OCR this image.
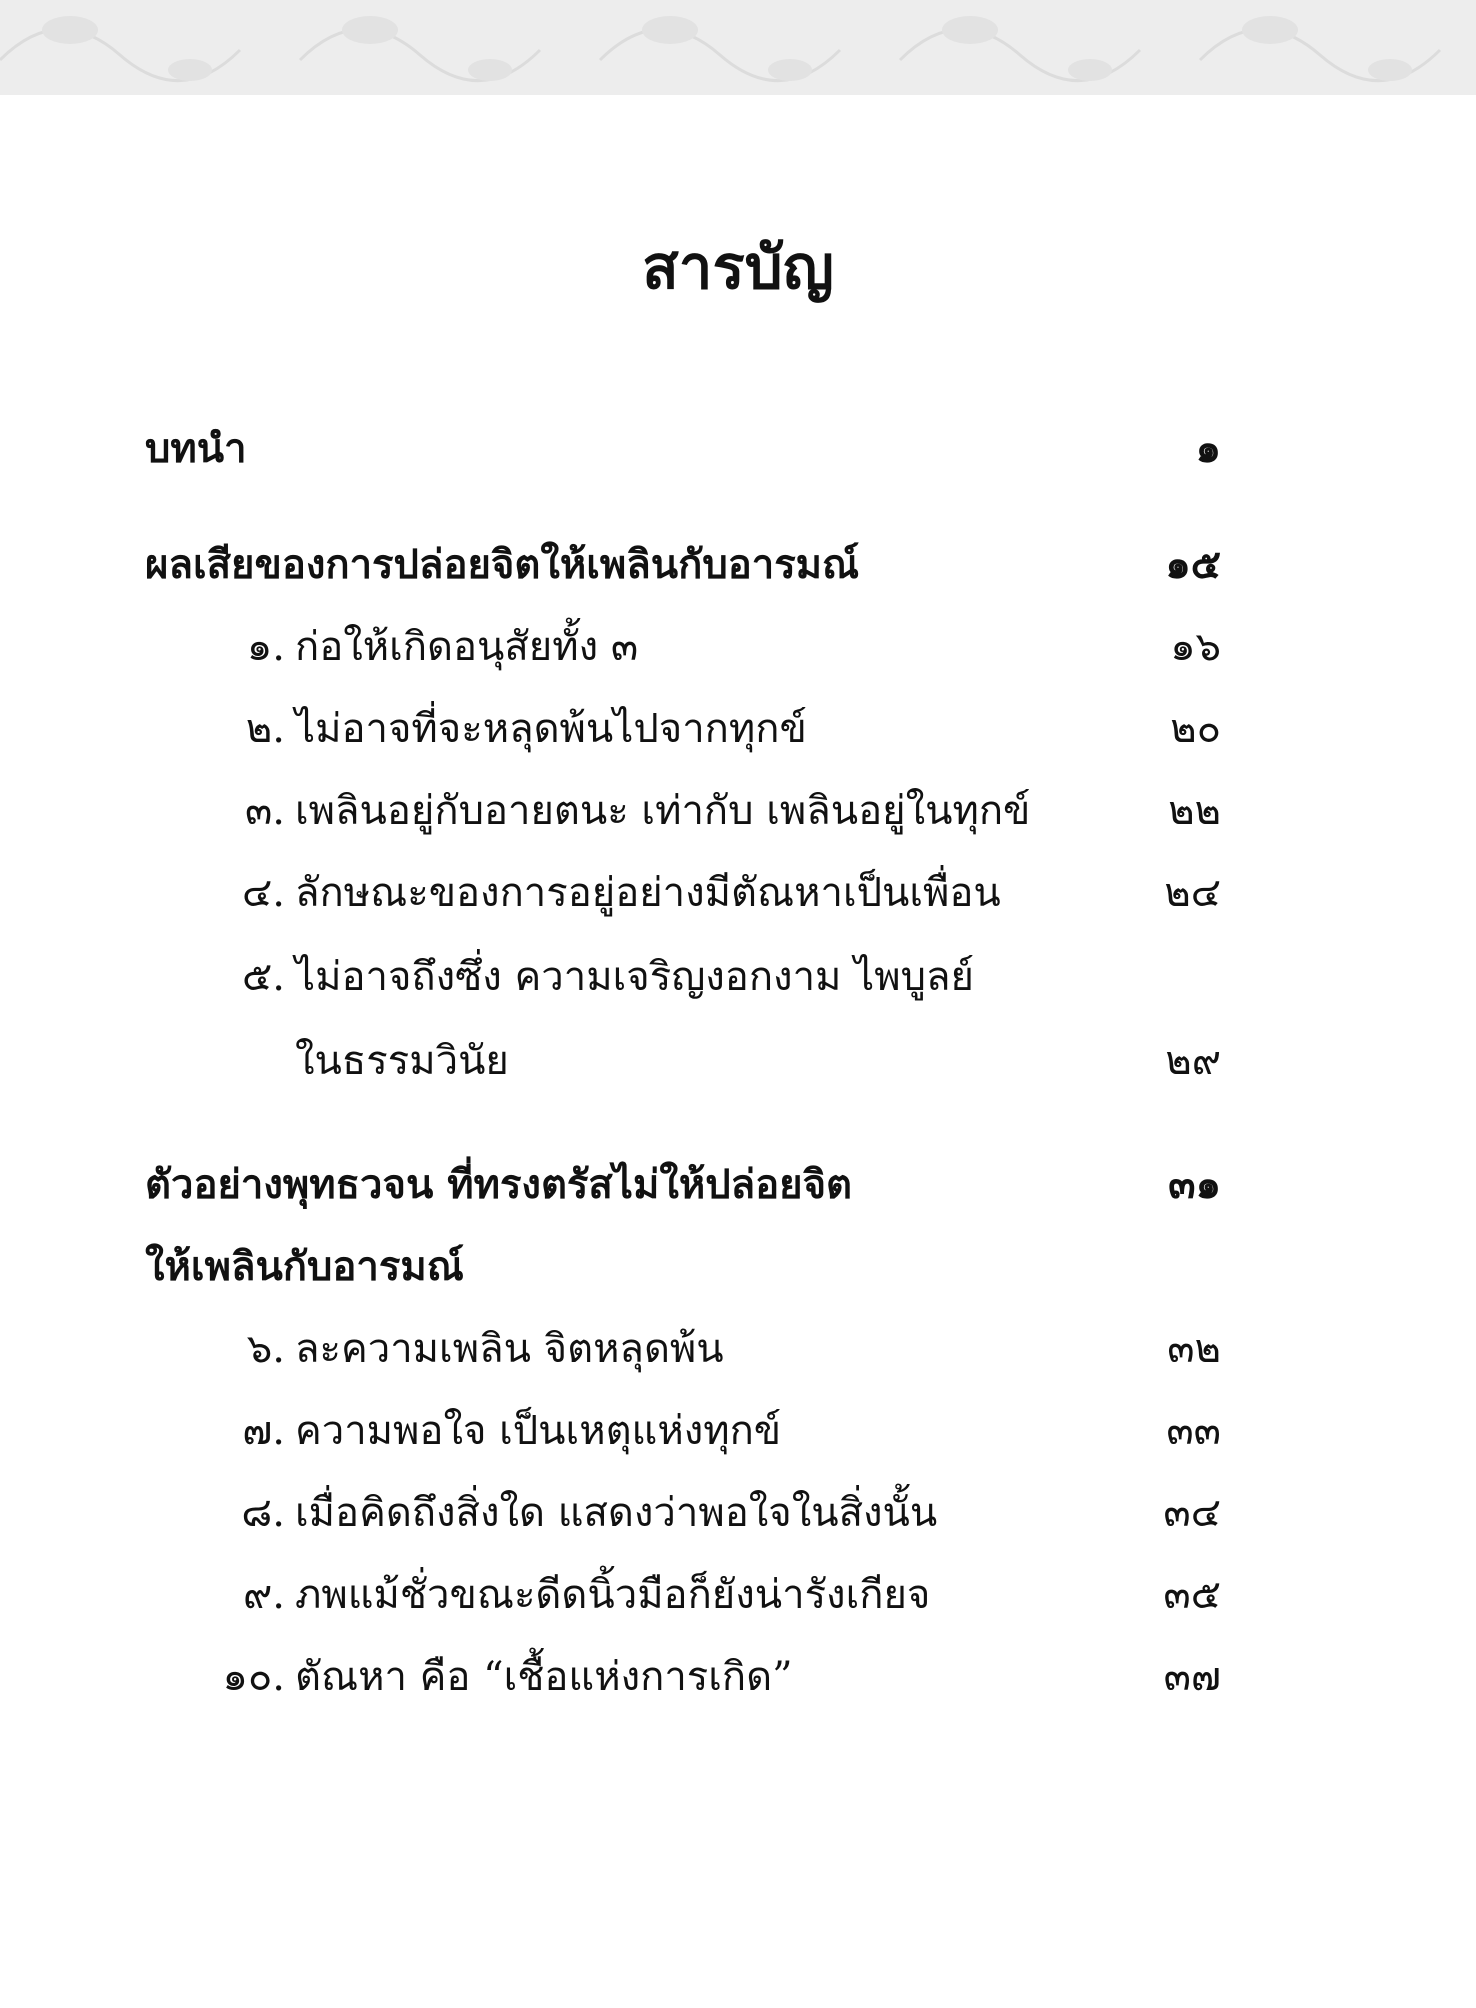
สารบัญ
บทนำ	๑
ผลเสียของการปล่อยจิตให้เพลินกับอารมณ์	๑๕
๑. ก่อให้เกิดอนุสัยทั้ง ๓	๑๖
๒. ไม่อาจที่จะหลุดพ้นไปจากทุกข์	๒๐
๓. เพลินอยู่กับอายตนะ เท่ากับ เพลินอยู่ในทุกข์	๒๒
๔. ลักษณะของการอยู่อย่างมีตัณหาเป็นเพื่อน	๒๔
๕. ไม่อาจถึงซึ่ง ความเจริญงอกงาม ไพบูลย์
ในธรรมวินัย	๒๙
ตัวอย่างพุทธวจน ที่ทรงตรัสไม่ให้ปล่อยจิต	๓๑
ให้เพลินกับอารมณ์
๖. ละความเพลิน จิตหลุดพ้น	๓๒
๗. ความพอใจ เป็นเหตุแห่งทุกข์	๓๓
๘. เมื่อคิดถึงสิ่งใด แสดงว่าพอใจในสิ่งนั้น	๓๔
๙. ภพแม้ชั่วขณะดีดนิ้วมือก็ยังน่ารังเกียจ	๓๕
๑๐. ตัณหา คือ “เชื้อแห่งการเกิด”	๓๗
